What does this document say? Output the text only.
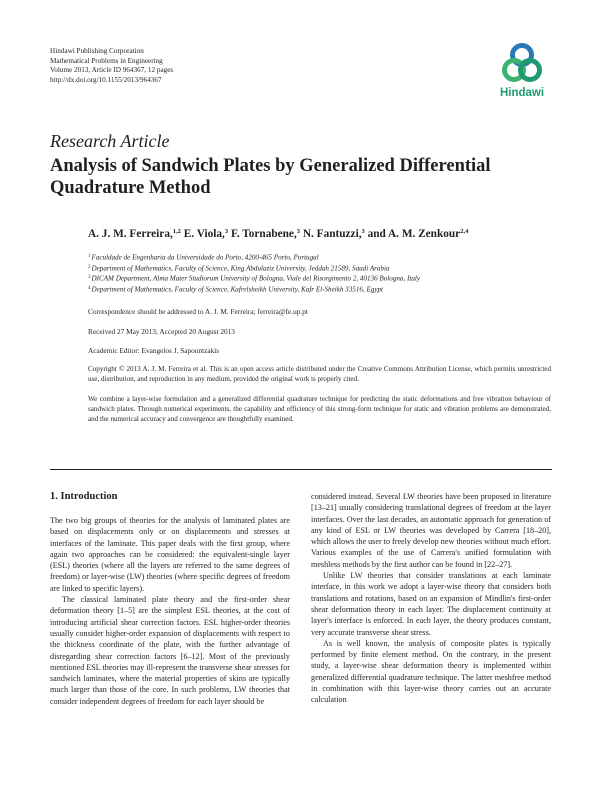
Hindawi Publishing Corporation
Mathematical Problems in Engineering
Volume 2013, Article ID 964367, 12 pages
http://dx.doi.org/10.1155/2013/964367
Hindawi
Research Article
Analysis of Sandwich Plates by Generalized Differential
Quadrature Method
A. J. M. Ferreira,$^{1,2}$ E. Viola,$^3$ F. Tornabene,$^3$ N. Fantuzzi,$^3$ and A. M. Zenkour$^{2,4}$
$^1$Faculdade de Engenharia da Universidade do Porto, 4200-465 Porto, Portugal
$^2$Department of Mathematics, Faculty of Science, King Abdulaziz University, Jeddah 21589, Saudi Arabia
$^3$DICAM Department, Alma Mater Studiorum University of Bologna, Viale del Risorgimento 2, 40136 Bologna, Italy
$^4$Department of Mathematics, Faculty of Science, Kafrelsheikh University, Kafr El-Sheikh 33516, Egypt
Correspondence should be addressed to A. J. M. Ferreira; ferreira@fe.up.pt
Received 27 May 2013; Accepted 20 August 2013
Academic Editor: Evangelos J. Sapountzakis
Copyright © 2013 A. J. M. Ferreira et al. This is an open access article distributed under the Creative Commons Attribution License, which permits unrestricted use, distribution, and reproduction in any medium, provided the original work is properly cited.
We combine a layer-wise formulation and a generalized differential quadrature technique for predicting the static deformations and free vibration behaviour of sandwich plates. Through numerical experiments, the capability and efficiency of this strong-form technique for static and vibration problems are demonstrated, and the numerical accuracy and convergence are thoughtfully examined.
1. Introduction

The two big groups of theories for the analysis of laminated plates are based on displacements only or on displacements and stresses at interfaces of the laminate. This paper deals with the first group, where again two approaches can be considered: the equivalent-single layer (ESL) theories (where all the layers are referred to the same degrees of freedom) or layer-wise (LW) theories (where specific degrees of freedom are linked to specific layers).

The classical laminated plate theory and the first-order shear deformation theory [1–5] are the simplest ESL theories, at the cost of introducing artificial shear correction factors. ESL higher-order theories usually consider higher-order expansion of displacements with respect to the thickness coordinate of the plate, with the further advantage of disregarding shear correction factors [6–12]. Most of the previously mentioned ESL theories may ill-represent the transverse shear stresses for sandwich laminates, where the material properties of skins are typically much larger than those of the core. In such problems, LW theories that consider independent degrees of freedom for each layer should be

considered instead. Several LW theories have been proposed in literature [13–21] usually considering translational degrees of freedom at the layer interfaces. Over the last decades, an automatic approach for generation of any kind of ESL or LW theories was developed by Carrera [18–20], which allows the user to freely develop new theories without much effort. Various examples of the use of Carrera's unified formulation with meshless methods by the first author can be found in [22–27].

Unlike LW theories that consider translations at each laminate interface, in this work we adopt a layer-wise theory that considers both translations and rotations, based on an expansion of Mindlin's first-order shear deformation theory in each layer. The displacement continuity at layer's interface is enforced. In each layer, the theory produces constant, very accurate transverse shear stress.

As is well known, the analysis of composite plates is typically performed by finite element method. On the contrary, in the present study, a layer-wise shear deformation theory is implemented within generalized differential quadrature technique. The latter meshfree method in combination with this layer-wise theory carries out an accurate calculation
